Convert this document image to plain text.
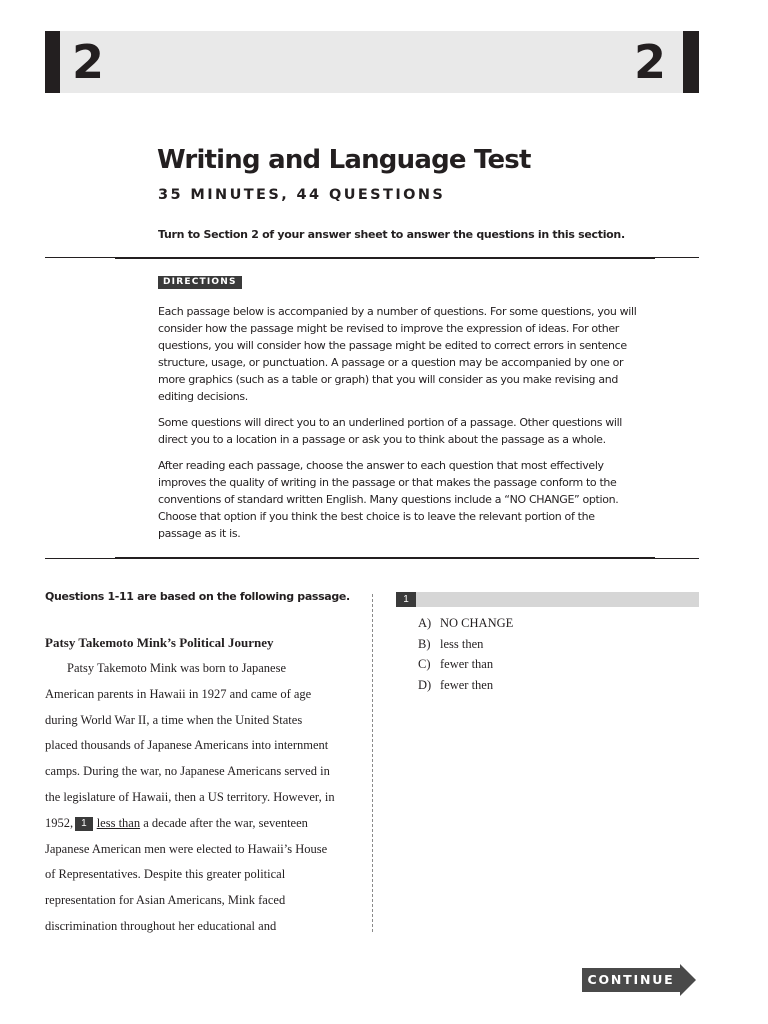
2	2
Writing and Language Test
35 MINUTES, 44 QUESTIONS
Turn to Section 2 of your answer sheet to answer the questions in this section.
DIRECTIONS

Each passage below is accompanied by a number of questions. For some questions, you will consider how the passage might be revised to improve the expression of ideas. For other questions, you will consider how the passage might be edited to correct errors in sentence structure, usage, or punctuation. A passage or a question may be accompanied by one or more graphics (such as a table or graph) that you will consider as you make revising and editing decisions.

Some questions will direct you to an underlined portion of a passage. Other questions will direct you to a location in a passage or ask you to think about the passage as a whole.

After reading each passage, choose the answer to each question that most effectively improves the quality of writing in the passage or that makes the passage conform to the conventions of standard written English. Many questions include a “NO CHANGE” option. Choose that option if you think the best choice is to leave the relevant portion of the passage as it is.

Questions 1-11 are based on the following passage.
Patsy Takemoto Mink’s Political Journey
Patsy Takemoto Mink was born to Japanese
American parents in Hawaii in 1927 and came of age
during World War II, a time when the United States
placed thousands of Japanese Americans into internment
camps. During the war, no Japanese Americans served in
the legislature of Hawaii, then a US territory. However, in
1952, 1 less than a decade after the war, seventeen
Japanese American men were elected to Hawaii’s House
of Representatives. Despite this greater political
representation for Asian Americans, Mink faced
discrimination throughout her educational and
1
A) NO CHANGE
B) less then
C) fewer than
D) fewer then
CONTINUE
